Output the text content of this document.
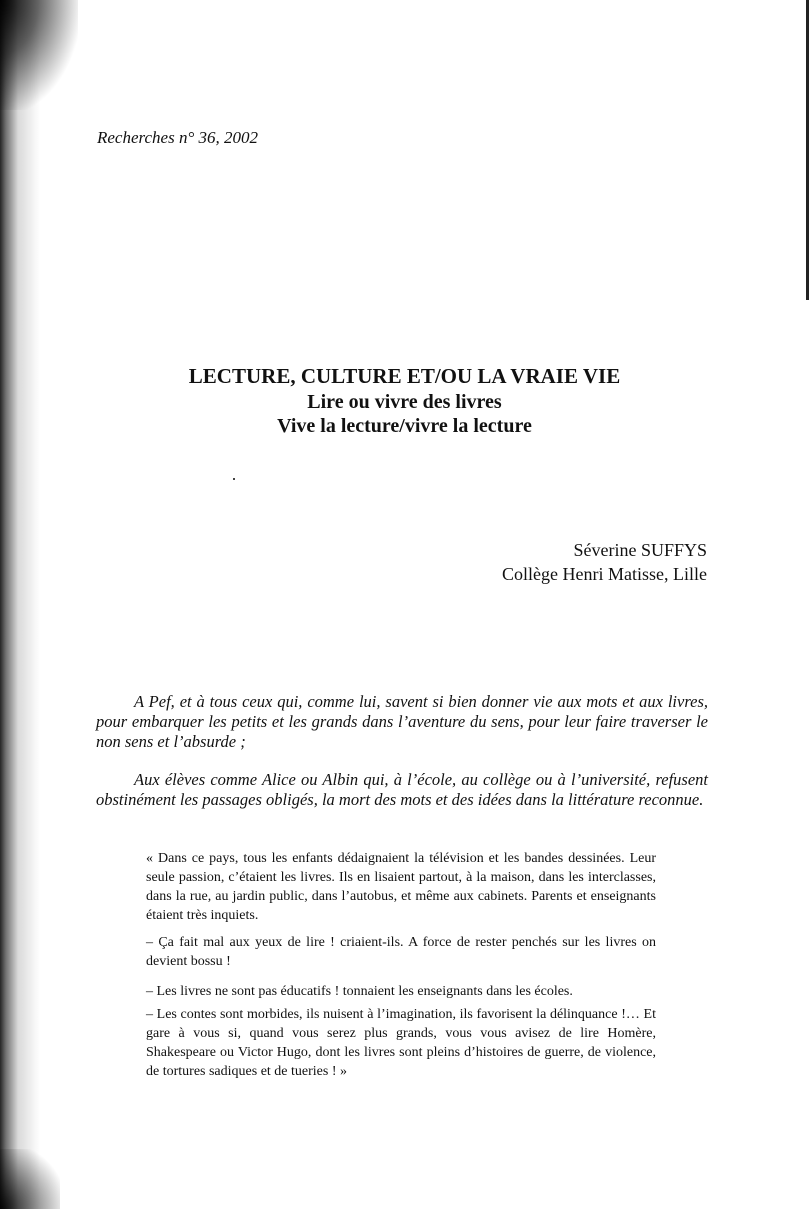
Recherches n° 36, 2002
LECTURE, CULTURE ET/OU LA VRAIE VIE
Lire ou vivre des livres
Vive la lecture/vivre la lecture
Séverine SUFFYS
Collège Henri Matisse, Lille

A Pef, et à tous ceux qui, comme lui, savent si bien donner vie aux mots et aux livres, pour embarquer les petits et les grands dans l’aventure du sens, pour leur faire traverser le non sens et l’absurde ;

Aux élèves comme Alice ou Albin qui, à l’école, au collège ou à l’université, refusent obstinément les passages obligés, la mort des mots et des idées dans la littérature reconnue.

« Dans ce pays, tous les enfants dédaignaient la télévision et les bandes dessinées. Leur seule passion, c’étaient les livres. Ils en lisaient partout, à la maison, dans les interclasses, dans la rue, au jardin public, dans l’autobus, et même aux cabinets. Parents et enseignants étaient très inquiets.

– Ça fait mal aux yeux de lire ! criaient-ils. A force de rester penchés sur les livres on devient bossu !

– Les livres ne sont pas éducatifs ! tonnaient les enseignants dans les écoles.

– Les contes sont morbides, ils nuisent à l’imagination, ils favorisent la délinquance !… Et gare à vous si, quand vous serez plus grands, vous vous avisez de lire Homère, Shakespeare ou Victor Hugo, dont les livres sont pleins d’histoires de guerre, de violence, de tortures sadiques et de tueries ! »
